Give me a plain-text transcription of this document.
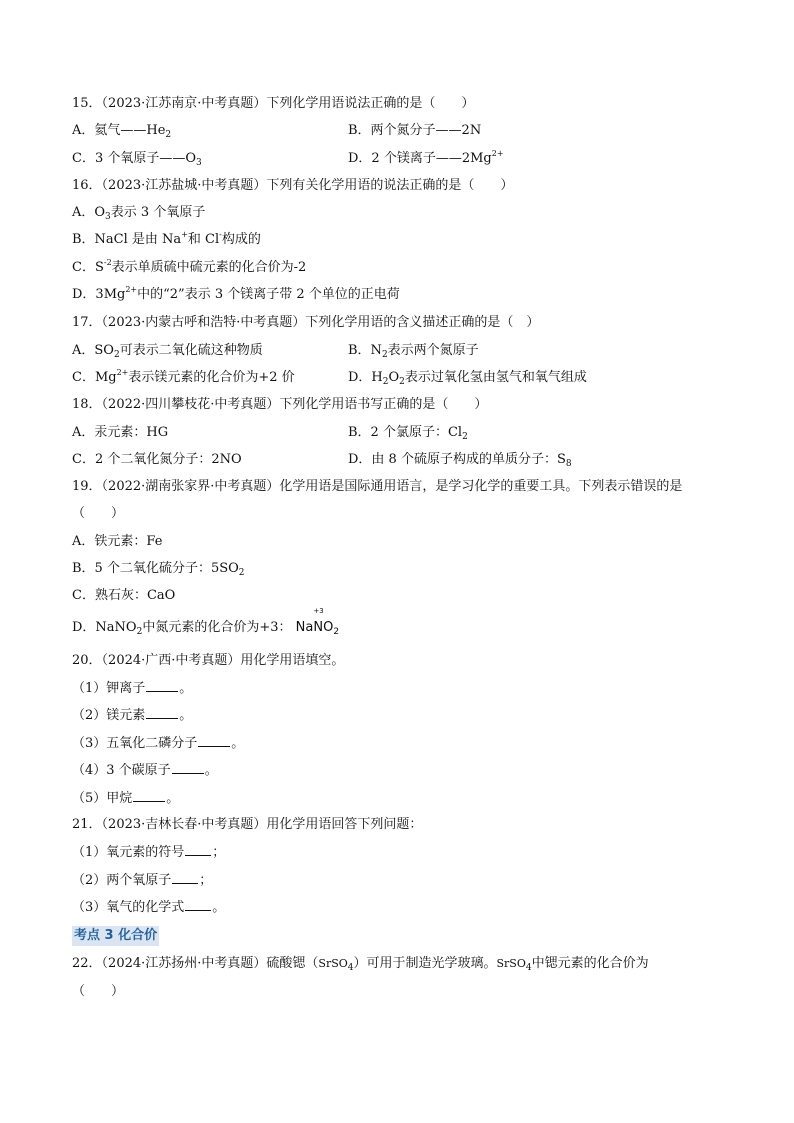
15．（2023·江苏南京·中考真题）下列化学用语说法正确的是（　　）
A．氦气$——He_2$	B．两个氮分子——2N
C．3 个氧原子$——O_3$	D．2 个镁离子$——2Mg^{2+}$
16．（2023·江苏盐城·中考真题）下列有关化学用语的说法正确的是（　　）
A．$O_3$表示 3 个氧原子
B．NaCl 是由 Na+和 Cl-构成的
C．$S^{-2}$表示单质硫中硫元素的化合价为-2
D．$3Mg^{2+}$中的“2”表示 3 个镁离子带 2 个单位的正电荷
17．（2023·内蒙古呼和浩特·中考真题）下列化学用语的含义描述正确的是（　）
A．$SO_2$可表示二氧化硫这种物质	B．$N_2$表示两个氮原子
C．$Mg^{2+}$表示镁元素的化合价为+2 价	D．$H_2O_2$表示过氧化氢由氢气和氧气组成
18．（2022·四川攀枝花·中考真题）下列化学用语书写正确的是（　　）
A．汞元素：HG	B．2 个氯原子：$Cl_2$
C．2 个二氧化氮分子：2NO	D．由 8 个硫原子构成的单质分子：$S_8$
19．（2022·湖南张家界·中考真题）化学用语是国际通用语言，是学习化学的重要工具。下列表示错误的是
（　　）
A．铁元素：Fe
B．5 个二氧化硫分子：$5SO_2$
C．熟石灰：CaO
D．NaNO$_2$中氮元素的化合价为+3： Na
+3
$NO_2$
20．（2024·广西·中考真题）用化学用语填空。
（1）钾离子	。
（2）镁元素	。
（3）五氧化二磷分子	。
（4）3 个碳原子	。
（5）甲烷	。
21．（2023·吉林长春·中考真题）用化学用语回答下列问题：
（1）氧元素的符号 ；
（2）两个氧原子 ；
（3）氧气的化学式 。
考点 3 化合价
22．（2024·江苏扬州·中考真题）硫酸锶（SrSO$_4$）可用于制造光学玻璃。SrSO$_4$中锶元素的化合价为
（　　）
